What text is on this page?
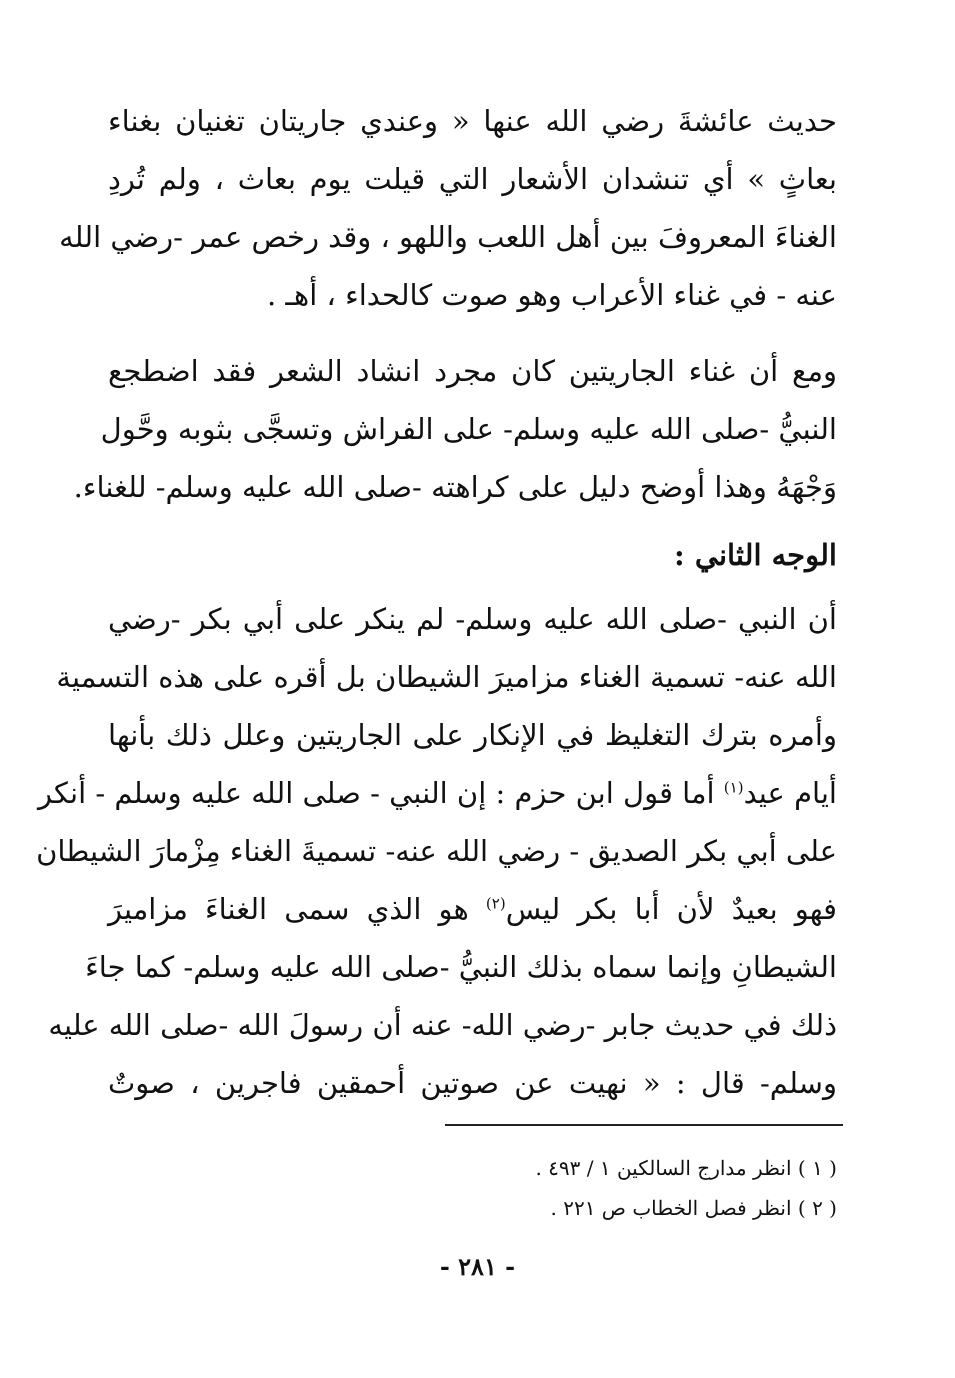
حديث عائشةَ رضي الله عنها « وعندي جاريتان تغنيان بغناء
بعاثٍ » أي تنشدان الأشعار التي قيلت يوم بعاث ، ولم تُردِ
الغناءَ المعروفَ بين أهل اللعب واللهو ، وقد رخص عمر -رضي الله
عنه - في غناء الأعراب وهو صوت كالحداء ، أهـ .
ومع أن غناء الجاريتين كان مجرد انشاد الشعر فقد اضطجع
النبيُّ -صلى الله عليه وسلم- على الفراش وتسجَّى بثوبه وحَّول
وَجْهَهُ وهذا أوضح دليل على كراهته -صلى الله عليه وسلم- للغناء.
الوجه الثاني :
أن النبي -صلى الله عليه وسلم- لم ينكر على أبي بكر -رضي
الله عنه- تسمية الغناء مزاميرَ الشيطان بل أقره على هذه التسمية
وأمره بترك التغليظ في الإنكار على الجاريتين وعلل ذلك بأنها
أيام عيد$^{(١)}$ أما قول ابن حزم : إن النبي - صلى الله عليه وسلم - أنكر
على أبي بكر الصديق - رضي الله عنه- تسميةَ الغناء مِزْمارَ الشيطان
فهو بعيدٌ لأن أبا بكر ليس$^{(٢)}$ هو الذي سمى الغناءَ مزاميرَ
الشيطانِ وإنما سماه بذلك النبيُّ -صلى الله عليه وسلم- كما جاءَ
ذلك في حديث جابر -رضي الله- عنه أن رسولَ الله -صلى الله عليه
وسلم- قال : « نهيت عن صوتين أحمقين فاجرين ، صوتٌ
( ١ ) انظر مدارج السالكين ١ / ٤٩٣ .
( ٢ ) انظر فصل الخطاب ص ٢٢١ .
- ٢٨١ -
